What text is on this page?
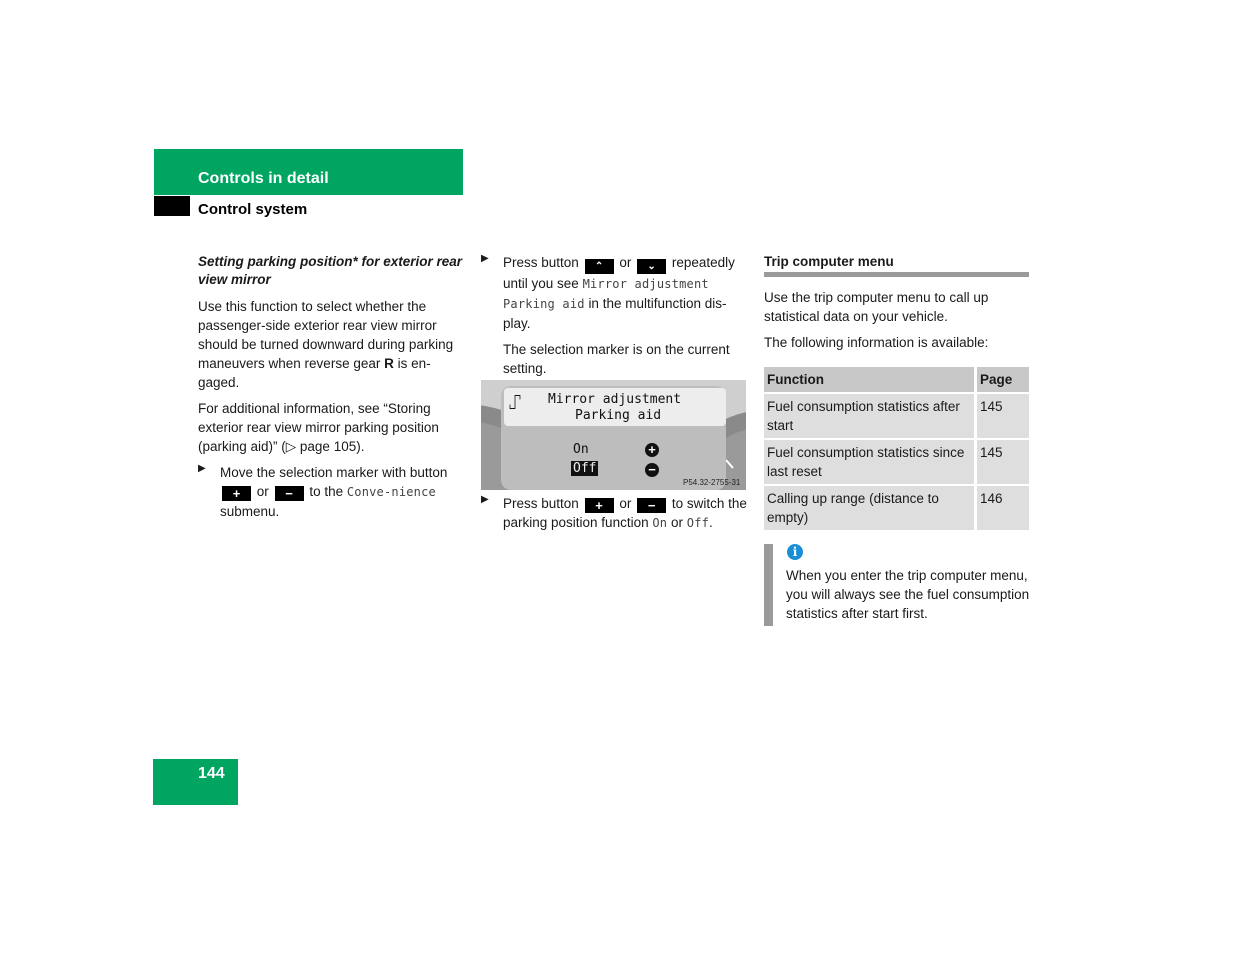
Controls in detail
Control system

Setting parking position* for exterior rear view mirror

Use this function to select whether the passenger-side exterior rear view mirror should be turned downward during parking maneuvers when reverse gear R is en-gaged.

For additional information, see “Storing exterior rear view mirror parking position (parking aid)” (▷ page 105).

▶ Move the selection marker with button + or − to the Conve-nience submenu.

▶ Press button ⌃ or ⌄ repeatedly until you see Mirror adjustment Parking aid in the multifunction dis-play.

The selection marker is on the current setting.

⑀ Mirror adjustment
Parking aid
On
Off
+
−
P54.32-2755-31
▶ Press button + or − to switch the parking position function On or Off.

Trip computer menu

Use the trip computer menu to call up statistical data on your vehicle.

The following information is available:

Function	Page
Fuel consumption statistics after start	145
Fuel consumption statistics since last reset	145
Calling up range (distance to empty)	146
i

When you enter the trip computer menu, you will always see the fuel consumption statistics after start first.

144
